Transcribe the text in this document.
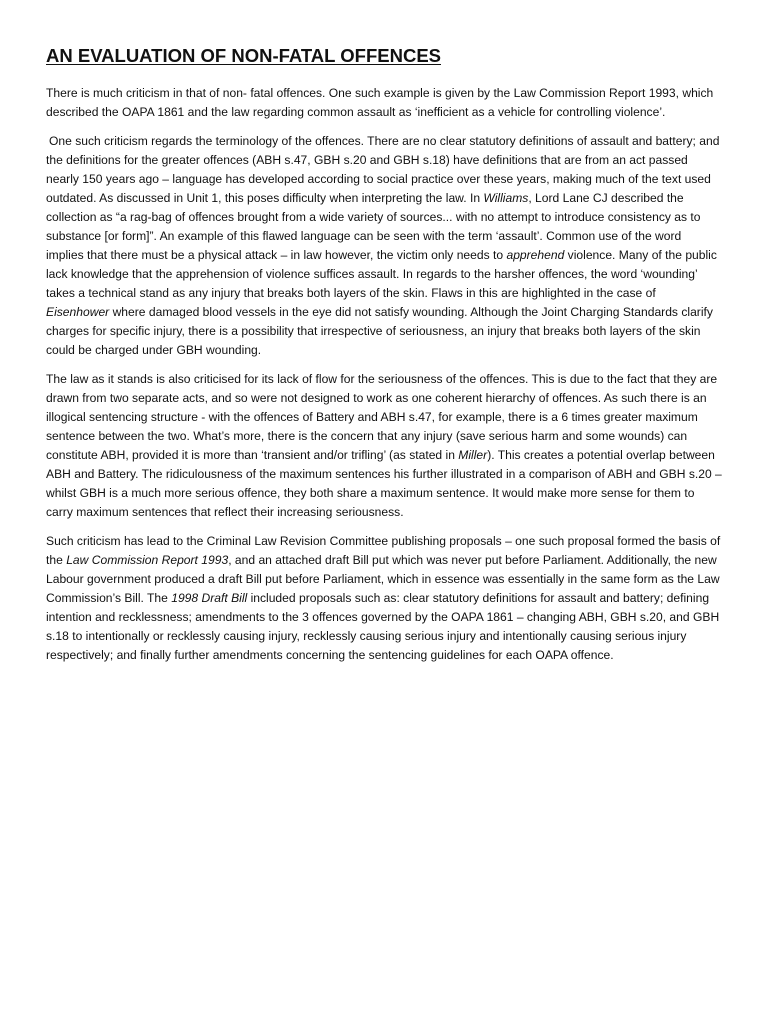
AN EVALUATION OF NON-FATAL OFFENCES

There is much criticism in that of non- fatal offences. One such example is given by the Law Commission Report 1993, which described the OAPA 1861 and the law regarding common assault as ‘inefficient as a vehicle for controlling violence’.

One such criticism regards the terminology of the offences. There are no clear statutory definitions of assault and battery; and the definitions for the greater offences (ABH s.47, GBH s.20 and GBH s.18) have definitions that are from an act passed nearly 150 years ago – language has developed according to social practice over these years, making much of the text used outdated. As discussed in Unit 1, this poses difficulty when interpreting the law. In Williams, Lord Lane CJ described the collection as “a rag-bag of offences brought from a wide variety of sources... with no attempt to introduce consistency as to substance [or form]”. An example of this flawed language can be seen with the term ‘assault’. Common use of the word implies that there must be a physical attack – in law however, the victim only needs to apprehend violence. Many of the public lack knowledge that the apprehension of violence suffices assault. In regards to the harsher offences, the word ‘wounding’ takes a technical stand as any injury that breaks both layers of the skin. Flaws in this are highlighted in the case of Eisenhower where damaged blood vessels in the eye did not satisfy wounding. Although the Joint Charging Standards clarify charges for specific injury, there is a possibility that irrespective of seriousness, an injury that breaks both layers of the skin could be charged under GBH wounding.

The law as it stands is also criticised for its lack of flow for the seriousness of the offences. This is due to the fact that they are drawn from two separate acts, and so were not designed to work as one coherent hierarchy of offences. As such there is an illogical sentencing structure - with the offences of Battery and ABH s.47, for example, there is a 6 times greater maximum sentence between the two. What’s more, there is the concern that any injury (save serious harm and some wounds) can constitute ABH, provided it is more than ‘transient and/or trifling’ (as stated in Miller). This creates a potential overlap between ABH and Battery. The ridiculousness of the maximum sentences his further illustrated in a comparison of ABH and GBH s.20 – whilst GBH is a much more serious offence, they both share a maximum sentence. It would make more sense for them to carry maximum sentences that reflect their increasing seriousness.

Such criticism has lead to the Criminal Law Revision Committee publishing proposals – one such proposal formed the basis of the Law Commission Report 1993, and an attached draft Bill put which was never put before Parliament. Additionally, the new Labour government produced a draft Bill put before Parliament, which in essence was essentially in the same form as the Law Commission’s Bill. The 1998 Draft Bill included proposals such as: clear statutory definitions for assault and battery; defining intention and recklessness; amendments to the 3 offences governed by the OAPA 1861 – changing ABH, GBH s.20, and GBH s.18 to intentionally or recklessly causing injury, recklessly causing serious injury and intentionally causing serious injury respectively; and finally further amendments concerning the sentencing guidelines for each OAPA offence.
